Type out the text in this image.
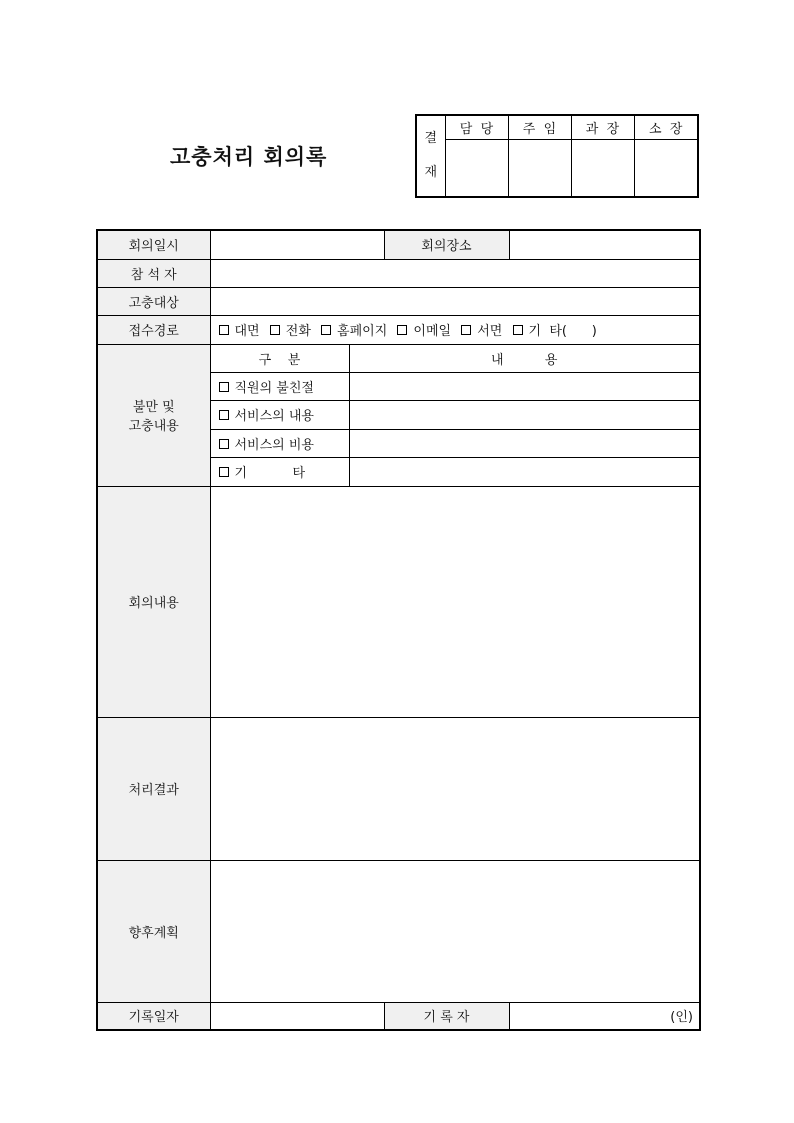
고충처리 회의록
결
재	담  당	주  임	과  장	소  장

회의일시			회의장소	
참 석 자				
고충대상				
접수경로	대면 전화 홈페이지 이메일 서면 기  타(      )			

불만 및
고충내용	구    분	내          용		
	직원의 불친절			
	서비스의 내용			
	서비스의 비용			
	기           타			
회의내용				
처리결과				
향후계획				
기록일자			기 록 자	(인)
